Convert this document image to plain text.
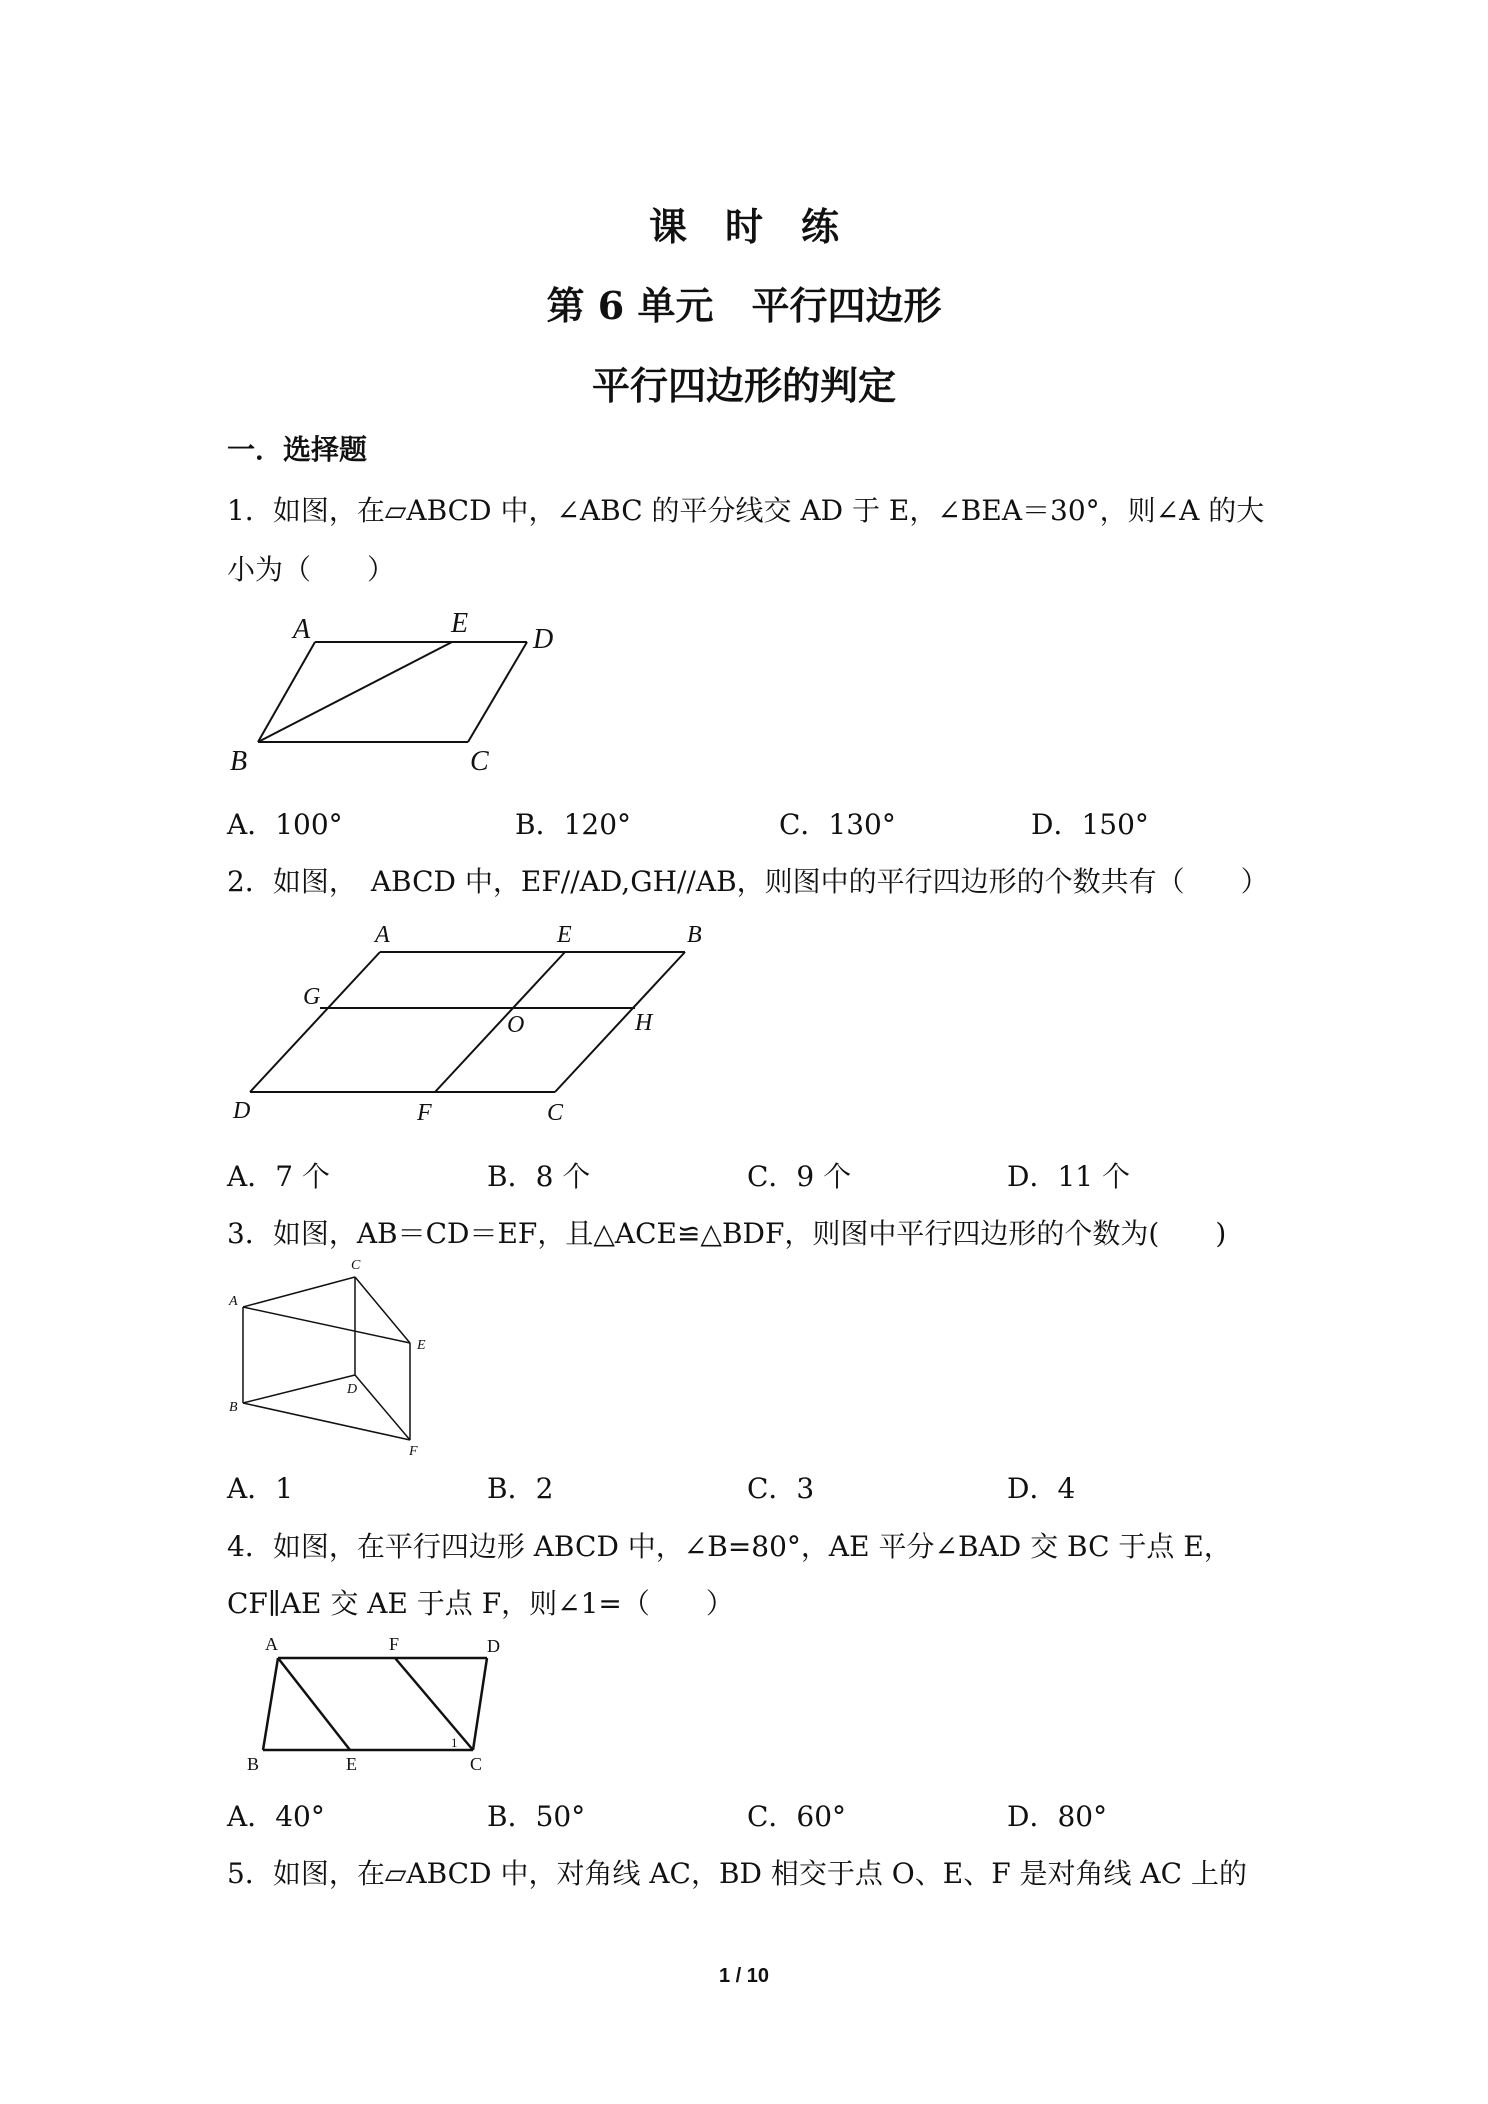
课　时　练
第 6 单元　平行四边形
平行四边形的判定
一．选择题
1．如图，在▱ABCD 中，∠ABC 的平分线交 AD 于 E，∠BEA＝30°，则∠A 的大
小为（　　）
A	E
D
B	C
A．100°	B．120°	C．130°	D．150°
2．如图，　ABCD 中，EF//AD,GH//AB，则图中的平行四边形的个数共有（　　）
A	E	B
G
O	H
D	F	C
A．7 个	B．8 个	C．9 个	D．11 个
3．如图，AB＝CD＝EF，且△ACE≌△BDF，则图中平行四边形的个数为(　　)
C
A
E
D
B
F
A．1	B．2	C．3	D．4
4．如图，在平行四边形 ABCD 中，∠B=80°，AE 平分∠BAD 交 BC 于点 E，
CF∥AE 交 AE 于点 F，则∠1=（　　）
A	F	D
B	E
1
C
A．40°	B．50°	C．60°	D．80°
5．如图，在▱ABCD 中，对角线 AC，BD 相交于点 O、E、F 是对角线 AC 上的
1 / 10
